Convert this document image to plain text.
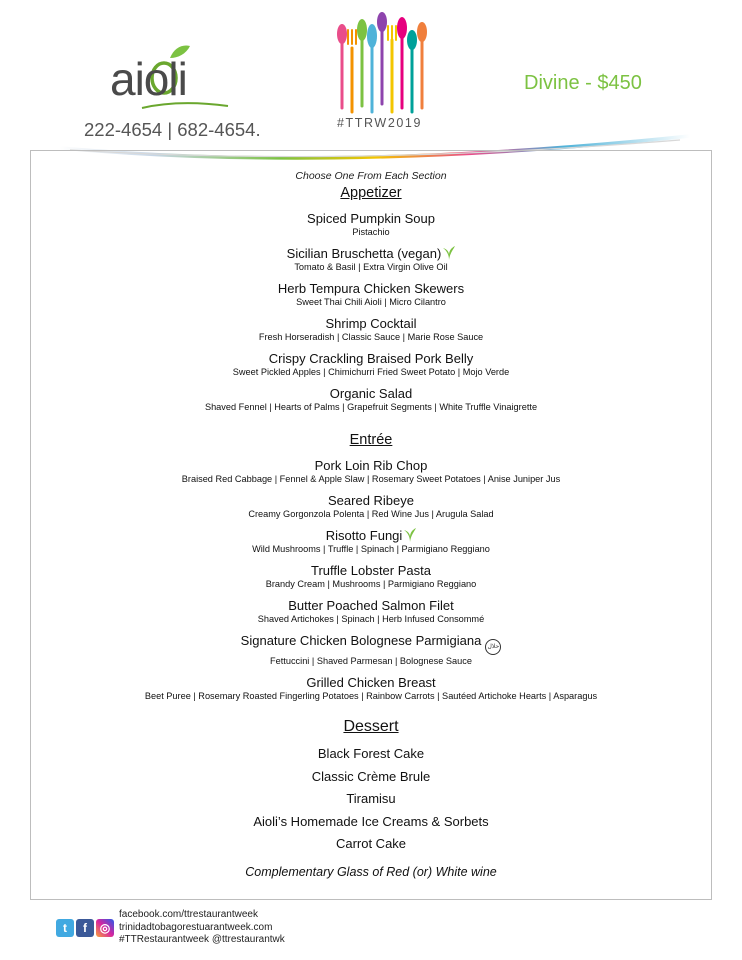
aioli
222-4654 | 682-4654.	#TTRW2019
Divine - $450
Choose One From Each Section
Appetizer
Spiced Pumpkin Soup
Pistachio
Sicilian Bruschetta (vegan)
Tomato & Basil | Extra Virgin Olive Oil
Herb Tempura Chicken Skewers
Sweet Thai Chili Aioli | Micro Cilantro
Shrimp Cocktail
Fresh Horseradish | Classic Sauce | Marie Rose Sauce
Crispy Crackling Braised Pork Belly
Sweet Pickled Apples | Chimichurri Fried Sweet Potato | Mojo Verde
Organic Salad
Shaved Fennel | Hearts of Palms | Grapefruit Segments | White Truffle Vinaigrette
Entrée
Pork Loin Rib Chop
Braised Red Cabbage | Fennel & Apple Slaw | Rosemary Sweet Potatoes | Anise Juniper Jus
Seared Ribeye
Creamy Gorgonzola Polenta | Red Wine Jus | Arugula Salad
Risotto Fungi
Wild Mushrooms | Truffle | Spinach | Parmigiano Reggiano
Truffle Lobster Pasta
Brandy Cream | Mushrooms | Parmigiano Reggiano
Butter Poached Salmon Filet
Shaved Artichokes | Spinach | Herb Infused Consommé
Signature Chicken Bolognese Parmigiana حلال
Fettuccini | Shaved Parmesan | Bolognese Sauce
Grilled Chicken Breast
Beet Puree | Rosemary Roasted Fingerling Potatoes | Rainbow Carrots | Sautéed Artichoke Hearts | Asparagus
Dessert
Black Forest Cake
Classic Crème Brule
Tiramisu
Aioli’s Homemade Ice Creams & Sorbets
Carrot Cake
Complementary Glass of Red (or) White wine
t	f	◎
facebook.com/ttrestaurantweek
trinidadtobagorestuarantweek.com
#TTRestaurantweek @ttrestaurantwk
